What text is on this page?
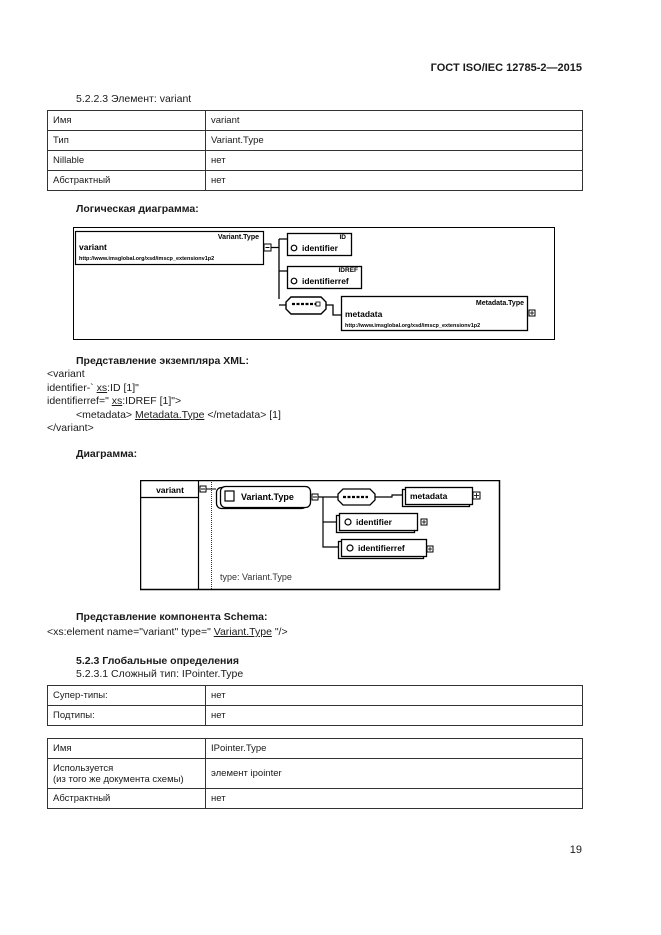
ГОСТ ISO/IEC 12785-2—2015
5.2.2.3 Элемент: variant
Имя	variant
Тип	Variant.Type
Nillable	нет
Абстрактный	нет
Логическая диаграмма:
Variant.Type
variant
http://www.imsglobal.org/xsd/imscp_extensionv1p2
ID
identifier
IDREF
identifierref
Metadata.Type
metadata
http://www.imsglobal.org/xsd/imscp_extensionv1p2
Представление экземпляра XML:
<variant
identifier-` xs:ID [1]"
identifierref=" xs:IDREF [1]">
<metadata> Metadata.Type </metadata> [1]
</variant>
Диаграмма:
variant
Variant.Type	metadata
identifier
identifierref
type: Variant.Type
Представление компонента Schema:
<xs:element name="variant" type=" Variant.Type "/>
5.2.3 Глобальные определения
5.2.3.1 Сложный тип: IPointer.Type
Супер-типы:	нет
Подтипы:	нет
Имя	IPointer.Type

Используется
(из того же документа схемы)	элемент ipointer
Абстрактный	нет
19
